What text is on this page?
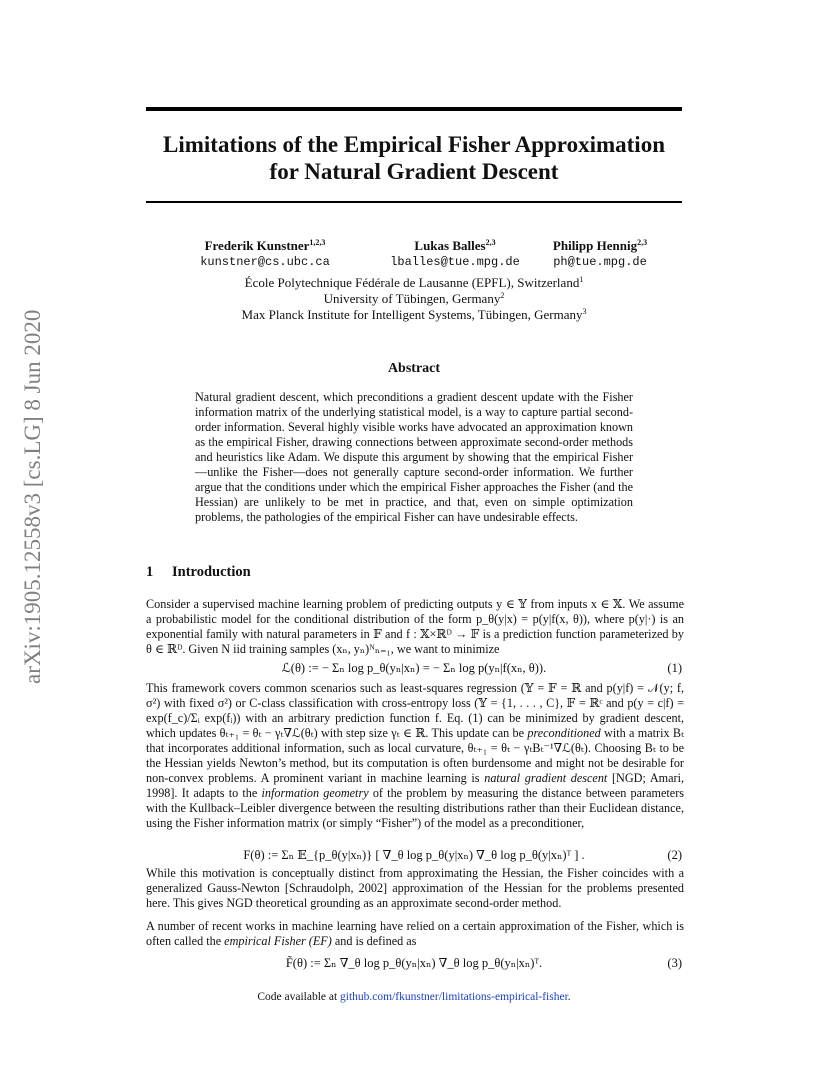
arXiv:1905.12558v3 [cs.LG] 8 Jun 2020
Limitations of the Empirical Fisher Approximation
for Natural Gradient Descent
Frederik Kunstner$^{1,2,3}$
kunstner@cs.ubc.ca
Lukas Balles$^{2,3}$
lballes@tue.mpg.de
Philipp Hennig$^{2,3}$
ph@tue.mpg.de
École Polytechnique Fédérale de Lausanne (EPFL), Switzerland$^1$
University of Tübingen, Germany$^2$
Max Planck Institute for Intelligent Systems, Tübingen, Germany$^3$
Abstract
Natural gradient descent, which preconditions a gradient descent update with the Fisher information matrix of the underlying statistical model, is a way to capture partial second-order information. Several highly visible works have advocated an approximation known as the empirical Fisher, drawing connections between approximate second-order methods and heuristics like Adam. We dispute this argument by showing that the empirical Fisher—unlike the Fisher—does not generally capture second-order information. We further argue that the conditions under which the empirical Fisher approaches the Fisher (and the Hessian) are unlikely to be met in practice, and that, even on simple optimization problems, the pathologies of the empirical Fisher can have undesirable effects.
1 Introduction
Consider a supervised machine learning problem of predicting outputs y ∈ 𝕐 from inputs x ∈ 𝕏. We assume a probabilistic model for the conditional distribution of the form p_θ(y|x) = p(y|f(x, θ)), where p(y|·) is an exponential family with natural parameters in 𝔽 and f : 𝕏×ℝᴰ → 𝔽 is a prediction function parameterized by θ ∈ ℝᴰ. Given N iid training samples (xₙ, yₙ)ᴺₙ₌₁, we want to minimize
ℒ(θ) := − Σₙ log p_θ(yₙ|xₙ) = − Σₙ log p(yₙ|f(xₙ, θ)).	(1)
This framework covers common scenarios such as least-squares regression (𝕐 = 𝔽 = ℝ and p(y|f) = 𝒩(y; f, σ²) with fixed σ²) or C-class classification with cross-entropy loss (𝕐 = {1, . . . , C}, 𝔽 = ℝᶜ and p(y = c|f) = exp(f_c)/Σᵢ exp(fᵢ)) with an arbitrary prediction function f. Eq. (1) can be minimized by gradient descent, which updates θₜ₊₁ = θₜ − γₜ∇ℒ(θₜ) with step size γₜ ∈ ℝ. This update can be preconditioned with a matrix Bₜ that incorporates additional information, such as local curvature, θₜ₊₁ = θₜ − γₜBₜ⁻¹∇ℒ(θₜ). Choosing Bₜ to be the Hessian yields Newton’s method, but its computation is often burdensome and might not be desirable for non-convex problems. A prominent variant in machine learning is natural gradient descent [NGD; Amari, 1998]. It adapts to the information geometry of the problem by measuring the distance between parameters with the Kullback–Leibler divergence between the resulting distributions rather than their Euclidean distance, using the Fisher information matrix (or simply “Fisher”) of the model as a preconditioner,
F(θ) := Σₙ 𝔼_{p_θ(y|xₙ)} [ ∇_θ log p_θ(y|xₙ) ∇_θ log p_θ(y|xₙ)ᵀ ] .	(2)
While this motivation is conceptually distinct from approximating the Hessian, the Fisher coincides with a generalized Gauss-Newton [Schraudolph, 2002] approximation of the Hessian for the problems presented here. This gives NGD theoretical grounding as an approximate second-order method.
A number of recent works in machine learning have relied on a certain approximation of the Fisher, which is often called the empirical Fisher (EF) and is defined as
F̃(θ) := Σₙ ∇_θ log p_θ(yₙ|xₙ) ∇_θ log p_θ(yₙ|xₙ)ᵀ.	(3)
Code available at github.com/fkunstner/limitations-empirical-fisher.
